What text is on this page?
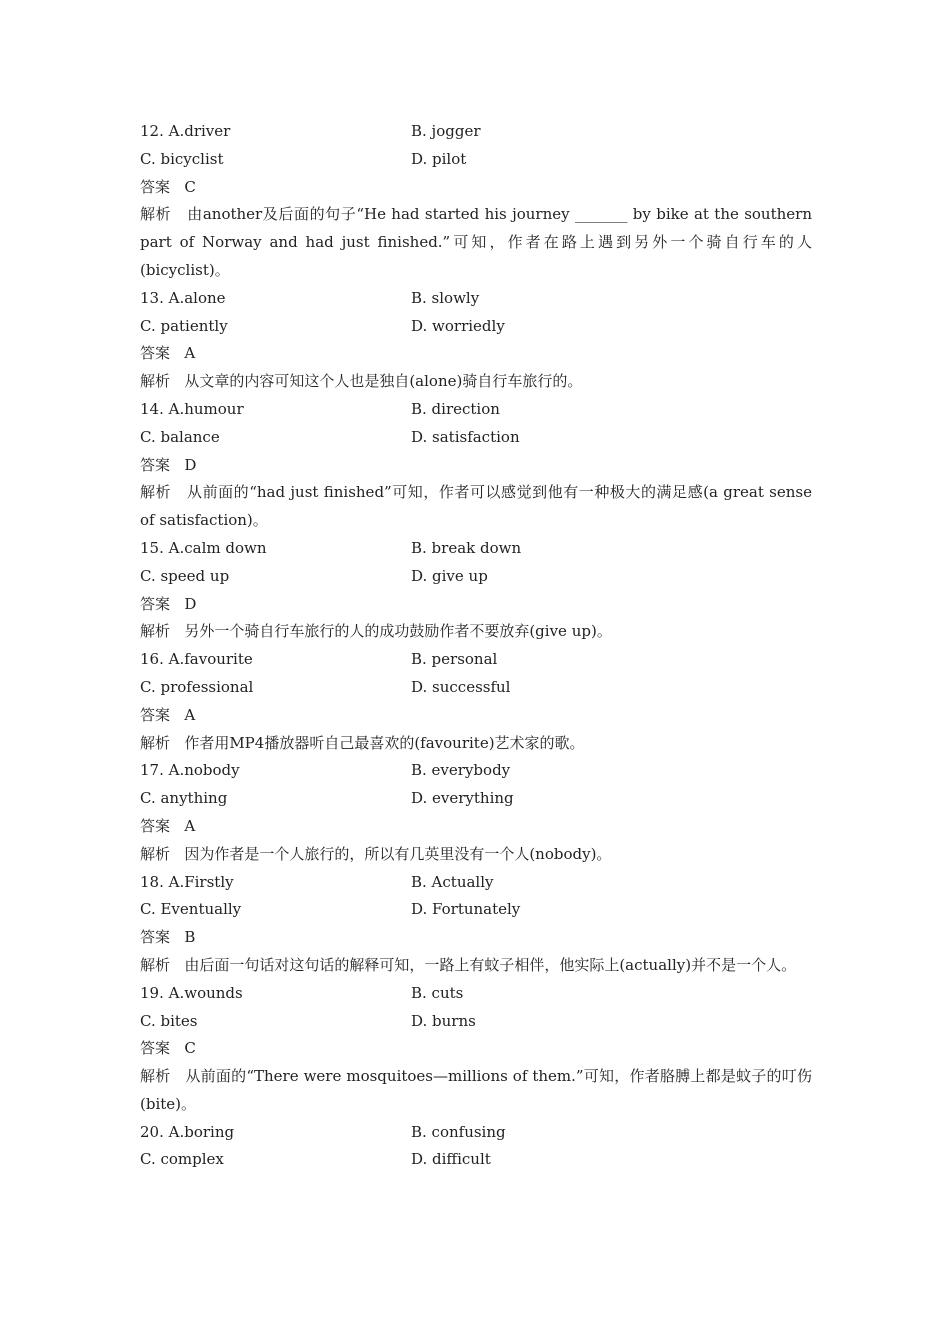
12. A.driver	B. jogger
C. bicyclist	D. pilot
答案 C
解析 由another及后面的句子“He had started his journey _______ by bike at the southern part of Norway and had just finished.”可知，作者在路上遇到另外一个骑自行车的人(bicyclist)。
13. A.alone	B. slowly
C. patiently	D. worriedly
答案 A
解析 从文章的内容可知这个人也是独自(alone)骑自行车旅行的。
14. A.humour	B. direction
C. balance	D. satisfaction
答案 D
解析 从前面的“had just finished”可知，作者可以感觉到他有一种极大的满足感(a great sense of satisfaction)。
15. A.calm down	B. break down
C. speed up	D. give up
答案 D
解析 另外一个骑自行车旅行的人的成功鼓励作者不要放弃(give up)。
16. A.favourite	B. personal
C. professional	D. successful
答案 A
解析 作者用MP4播放器听自己最喜欢的(favourite)艺术家的歌。
17. A.nobody	B. everybody
C. anything	D. everything
答案 A
解析 因为作者是一个人旅行的，所以有几英里没有一个人(nobody)。
18. A.Firstly	B. Actually
C. Eventually	D. Fortunately
答案 B
解析 由后面一句话对这句话的解释可知，一路上有蚊子相伴，他实际上(actually)并不是一个人。
19. A.wounds	B. cuts
C. bites	D. burns
答案 C
解析 从前面的“There were mosquitoes—millions of them.”可知，作者胳膊上都是蚊子的叮伤(bite)。
20. A.boring	B. confusing
C. complex	D. difficult
